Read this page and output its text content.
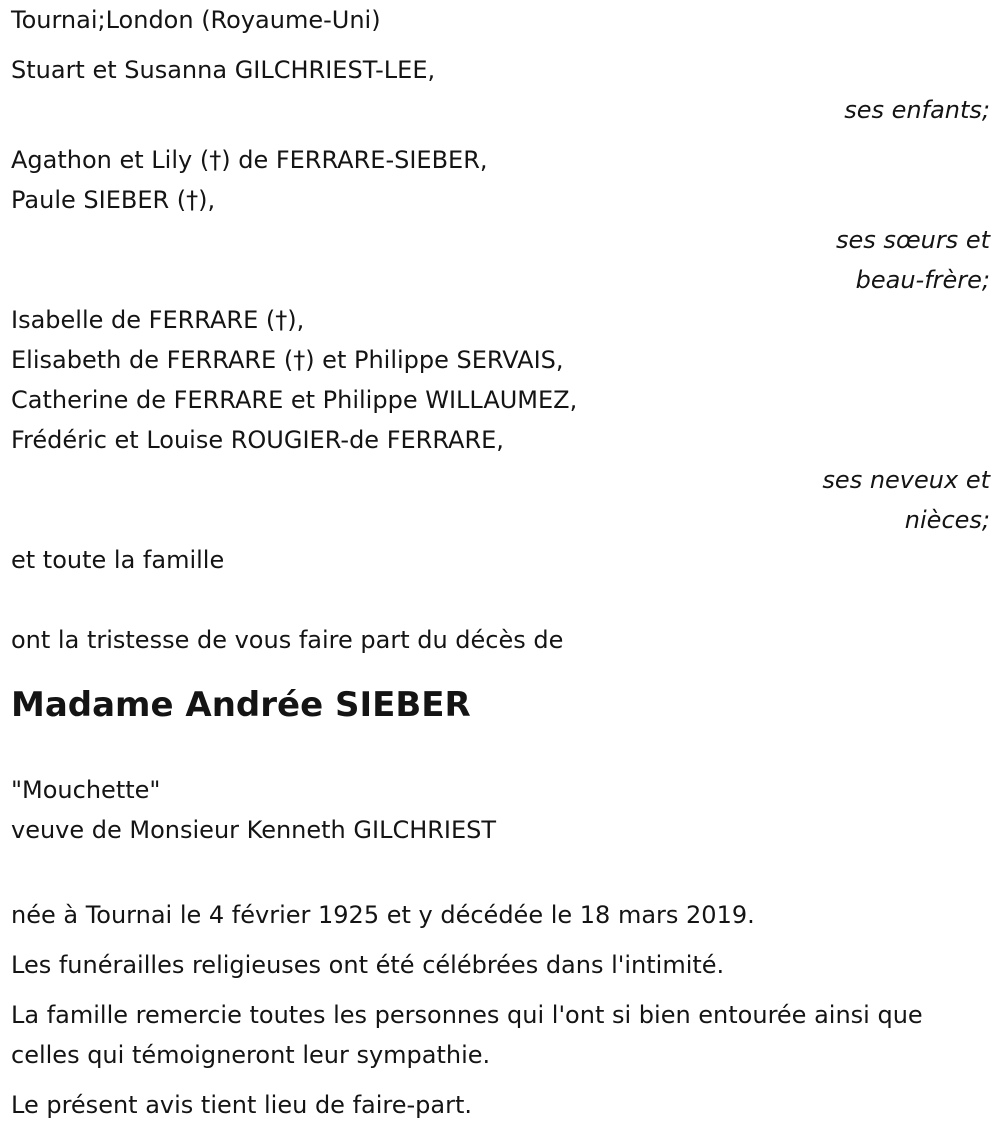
Tournai;London (Royaume-Uni)
Stuart et Susanna GILCHRIEST-LEE,
ses enfants;
Agathon et Lily (†) de FERRARE-SIEBER,
Paule SIEBER (†),
ses sœurs et
beau-frère;
Isabelle de FERRARE (†),
Elisabeth de FERRARE (†) et Philippe SERVAIS,
Catherine de FERRARE et Philippe WILLAUMEZ,
Frédéric et Louise ROUGIER-de FERRARE,
ses neveux et
nièces;
et toute la famille
ont la tristesse de vous faire part du décès de
Madame Andrée SIEBER
"Mouchette"
veuve de Monsieur Kenneth GILCHRIEST
née à Tournai le 4 février 1925 et y décédée le 18 mars 2019.
Les funérailles religieuses ont été célébrées dans l'intimité.
La famille remercie toutes les personnes qui l'ont si bien entourée ainsi que celles qui témoigneront leur sympathie.
Le présent avis tient lieu de faire-part.
